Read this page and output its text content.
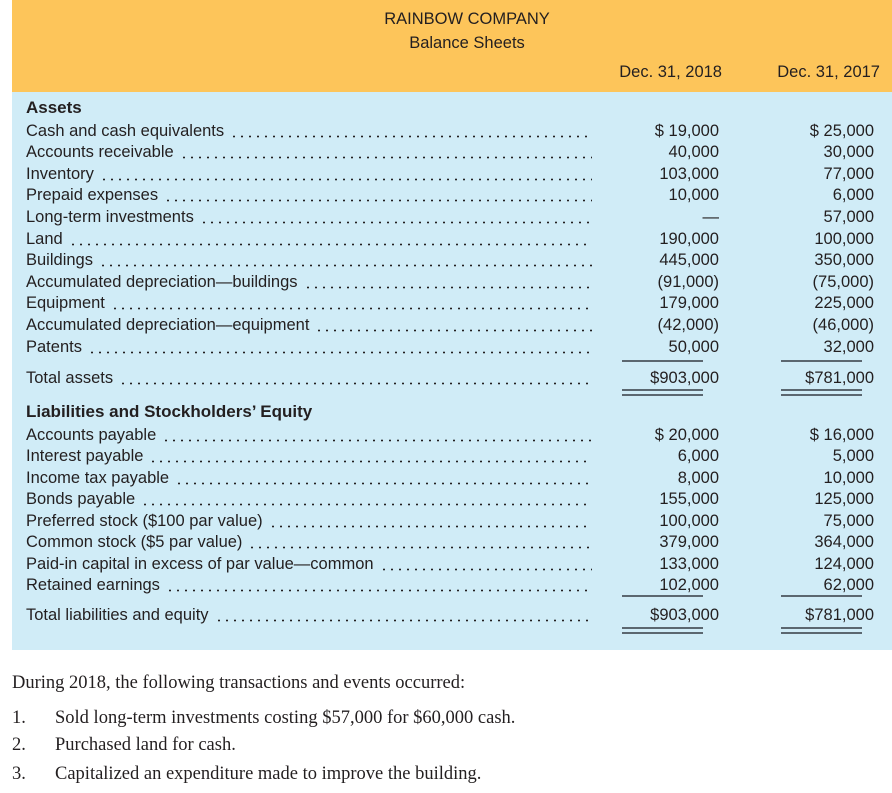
RAINBOW COMPANY
Balance Sheets
Dec. 31, 2018	Dec. 31, 2017
Assets
Liabilities and Stockholders’ Equity
Cash and cash equivalents	$ 19,000	$ 25,000
Accounts receivable	40,000	30,000
Inventory	103,000	77,000
Prepaid expenses	10,000	6,000
Long-term investments	—	57,000
Land	190,000	100,000
Buildings	445,000	350,000
Accumulated depreciation—buildings	(91,000)	(75,000)
Equipment	179,000	225,000
Accumulated depreciation—equipment	(42,000)	(46,000)
Patents	50,000	32,000
Total assets	$903,000	$781,000
Accounts payable	$ 20,000	$ 16,000
Interest payable	6,000	5,000
Income tax payable	8,000	10,000
Bonds payable	155,000	125,000
Preferred stock ($100 par value)	100,000	75,000
Common stock ($5 par value)	379,000	364,000
Paid-in capital in excess of par value—common	133,000	124,000
Retained earnings	102,000	62,000
Total liabilities and equity	$903,000	$781,000
During 2018, the following transactions and events occurred:
1. Sold long-term investments costing $57,000 for $60,000 cash.
2. Purchased land for cash.
3. Capitalized an expenditure made to improve the building.
